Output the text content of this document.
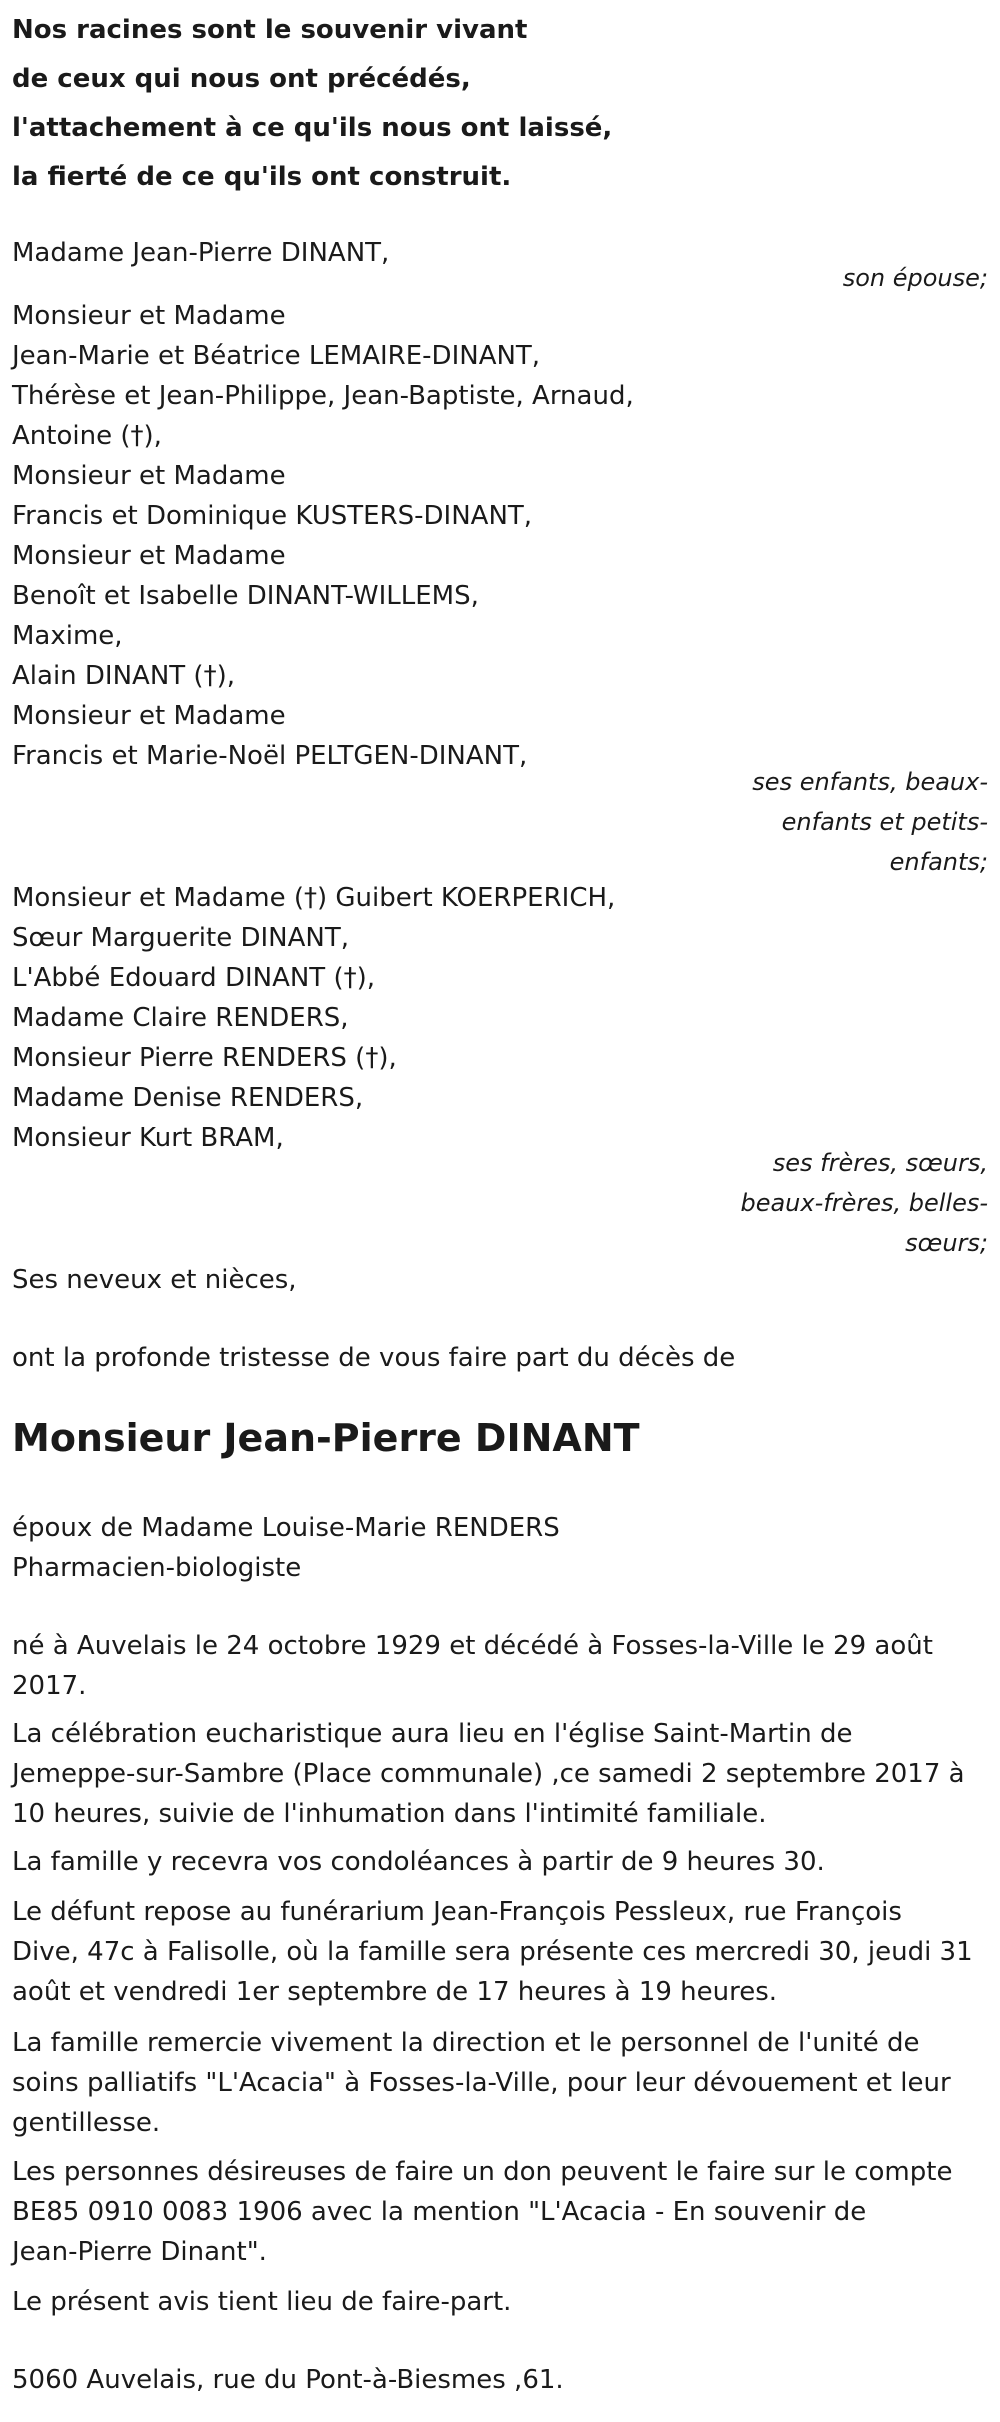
Nos racines sont le souvenir vivant
de ceux qui nous ont précédés,
l'attachement à ce qu'ils nous ont laissé,
la fierté de ce qu'ils ont construit.
Madame Jean-Pierre DINANT,
son épouse;
Monsieur et Madame
Jean-Marie et Béatrice LEMAIRE-DINANT,
Thérèse et Jean-Philippe, Jean-Baptiste, Arnaud,
Antoine (†),
Monsieur et Madame
Francis et Dominique KUSTERS-DINANT,
Monsieur et Madame
Benoît et Isabelle DINANT-WILLEMS,
Maxime,
Alain DINANT (†),
Monsieur et Madame
Francis et Marie-Noël PELTGEN-DINANT,
ses enfants, beaux-
enfants et petits-
enfants;
Monsieur et Madame (†) Guibert KOERPERICH,
Sœur Marguerite DINANT,
L'Abbé Edouard DINANT (†),
Madame Claire RENDERS,
Monsieur Pierre RENDERS (†),
Madame Denise RENDERS,
Monsieur Kurt BRAM,
ses frères, sœurs,
beaux-frères, belles-
sœurs;
Ses neveux et nièces,
ont la profonde tristesse de vous faire part du décès de
Monsieur Jean-Pierre DINANT
époux de Madame Louise-Marie RENDERS
Pharmacien-biologiste
né à Auvelais le 24 octobre 1929 et décédé à Fosses-la-Ville le 29 août
2017.
La célébration eucharistique aura lieu en l'église Saint-Martin de
Jemeppe-sur-Sambre (Place communale) ,ce samedi 2 septembre 2017 à
10 heures, suivie de l'inhumation dans l'intimité familiale.
La famille y recevra vos condoléances à partir de 9 heures 30.
Le défunt repose au funérarium Jean-François Pessleux, rue François
Dive, 47c à Falisolle, où la famille sera présente ces mercredi 30, jeudi 31
août et vendredi 1er septembre de 17 heures à 19 heures.
La famille remercie vivement la direction et le personnel de l'unité de
soins palliatifs "L'Acacia" à Fosses-la-Ville, pour leur dévouement et leur
gentillesse.
Les personnes désireuses de faire un don peuvent le faire sur le compte
BE85 0910 0083 1906 avec la mention "L'Acacia - En souvenir de
Jean-Pierre Dinant".
Le présent avis tient lieu de faire-part.
5060 Auvelais, rue du Pont-à-Biesmes ,61.
